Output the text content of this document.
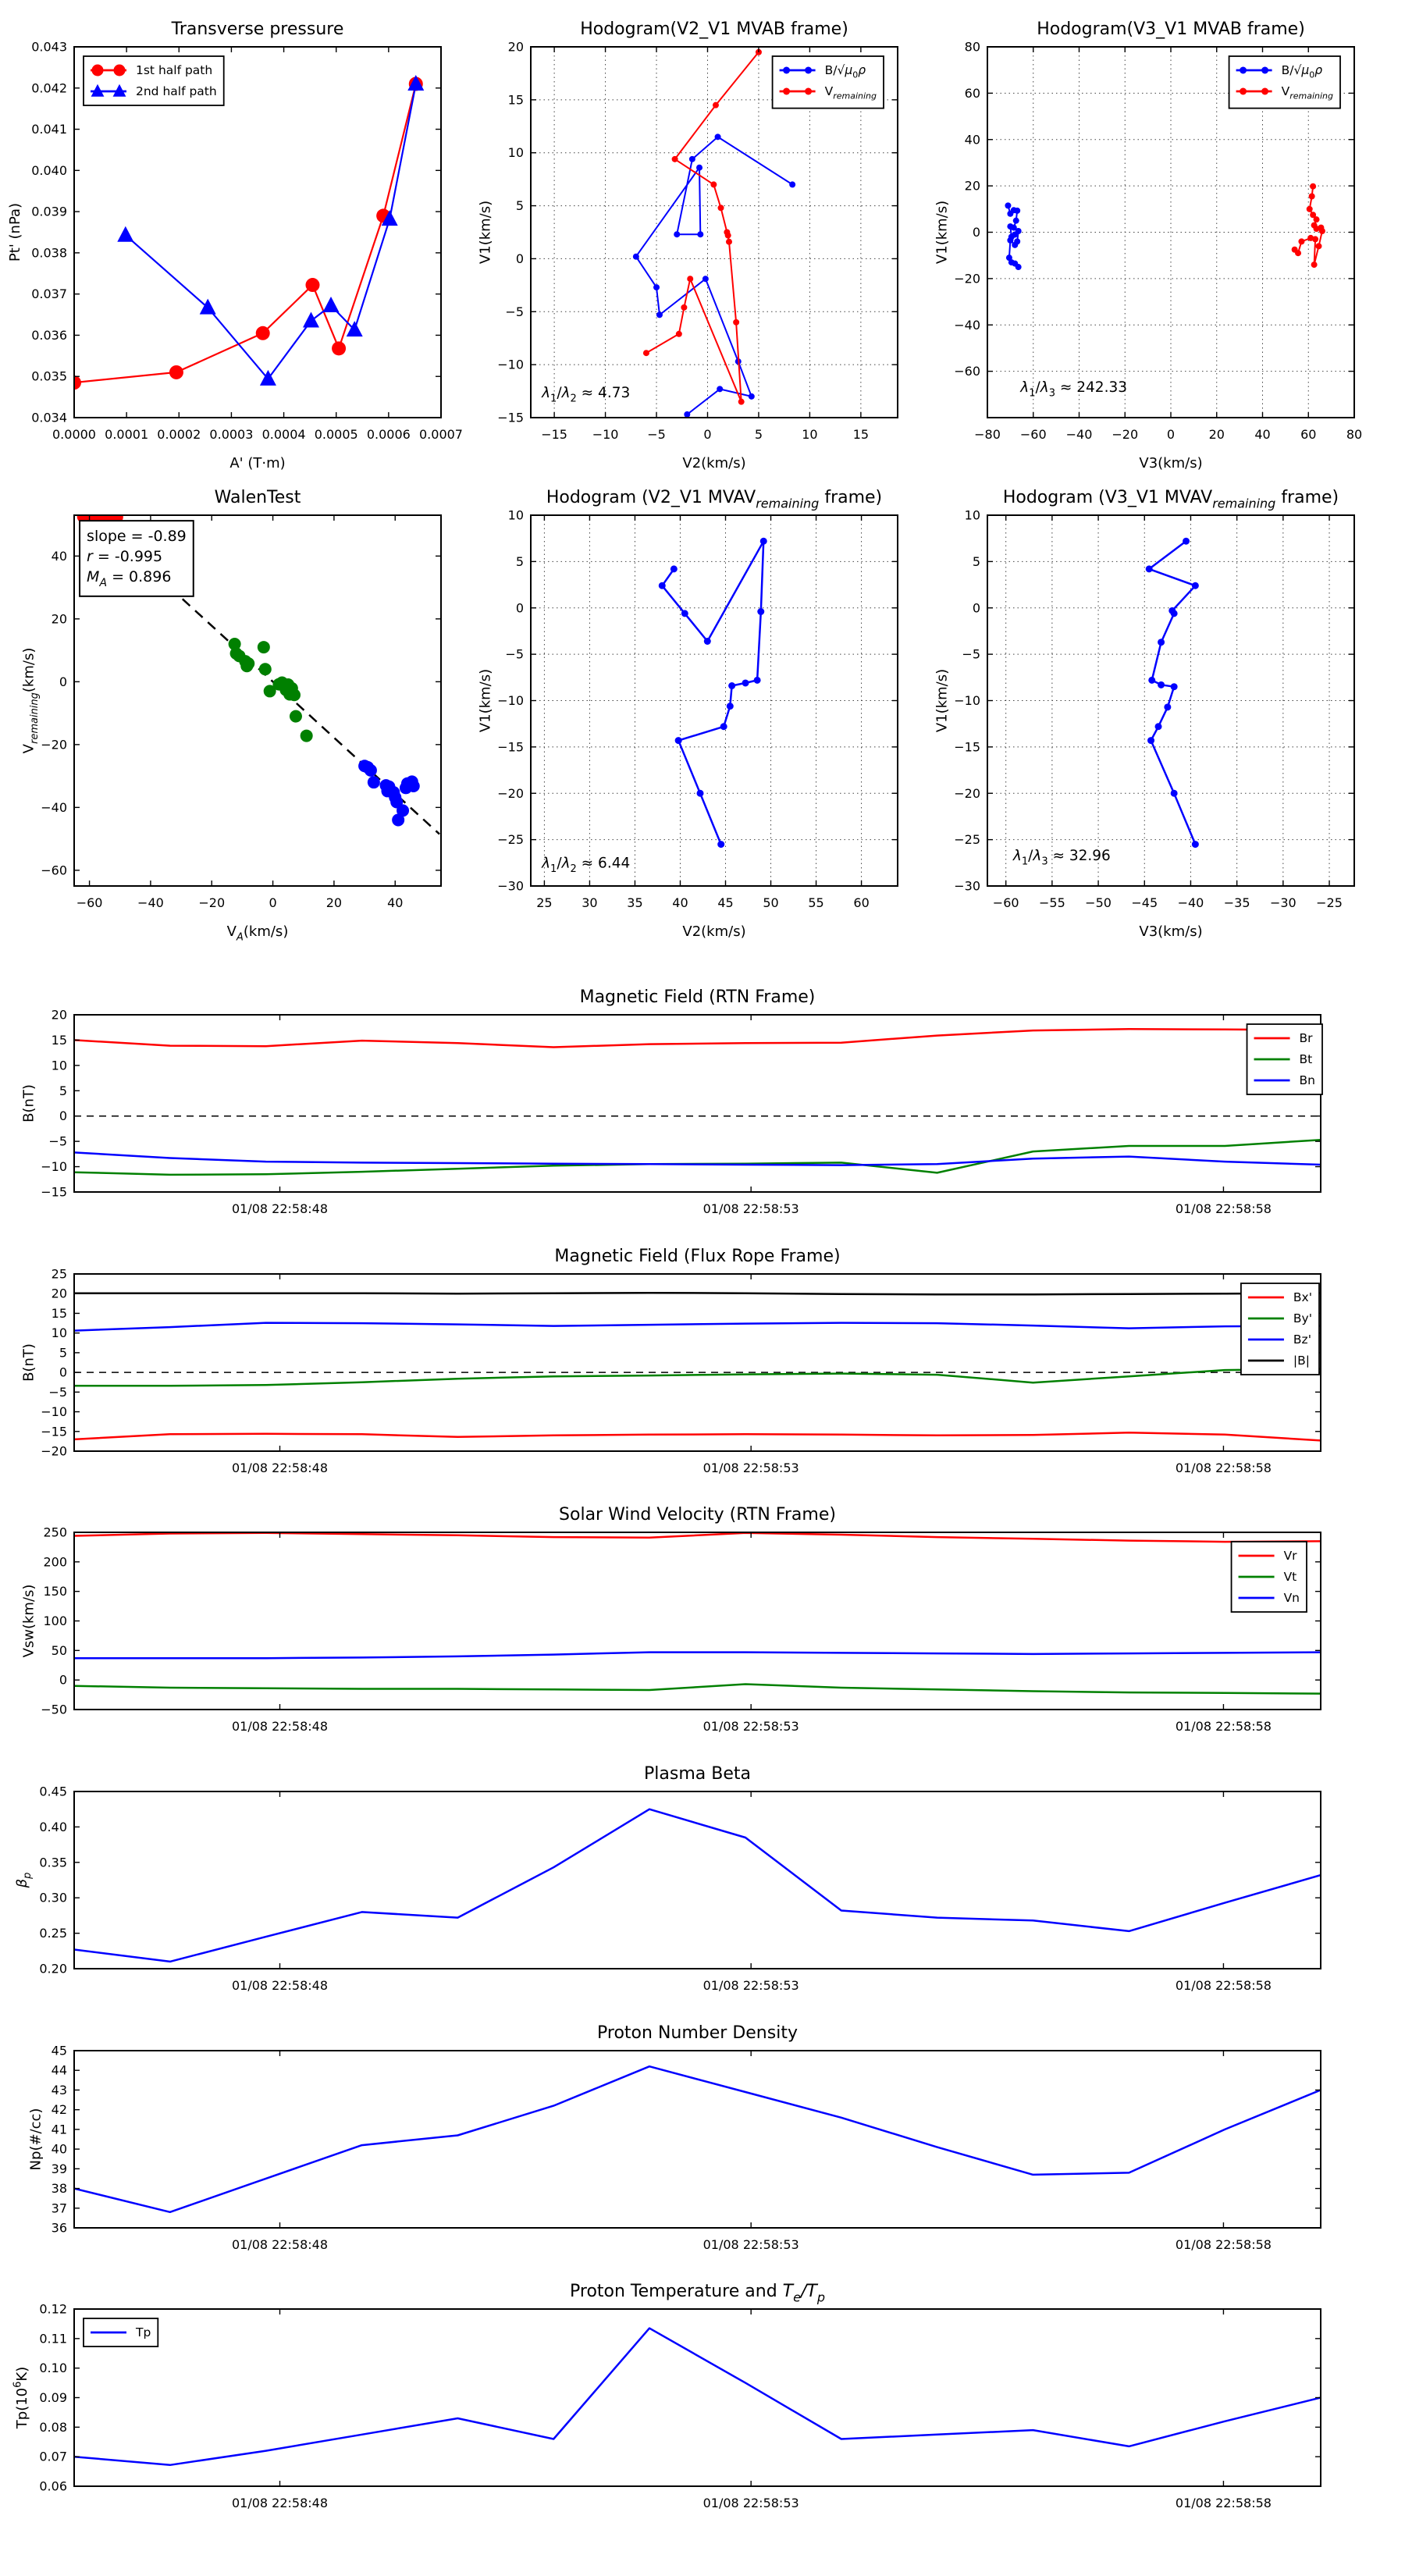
0.0000 0.0001 0.0002 0.0003 0.0004 0.0005 0.0006 0.0007
0.034
0.035
0.036
0.037
0.038
0.039
0.040
0.041
0.042
0.043
Transverse pressure
A' (T·m)
Pt' (nPa)
1st half path
2nd half path
−15 −10 −5	0	5	10	15
−15
−10
−5
0
5
10
15
20
Hodogram(V2_V1 MVAB frame)
V2(km/s)
V1(km/s)
$\lambda_1/\lambda_2 \approx 4.73$
$B/√\mu_0\rho$
$V_{remaining}$
−80 −60 −40 −20 0	20 40 60 80
−60
−40
−20
0
20
40
60
80
Hodogram(V3_V1 MVAB frame)
V3(km/s)
V1(km/s)
$\lambda_1/\lambda_3 \approx 242.33$
$B/√\mu_0\rho$
$V_{remaining}$
−60	−40	−20	0	20	40
−60
−40
−20
0
20
40
WalenTest
$V_A(km/s)$
$V_{remaining}(km/s)$
slope = -0.89
r = -0.995
$M_A = 0.896$
25 30 35 40 45 50 55 60
−30
−25
−20
−15
−10
−5
0
5
10
Hodogram (V2_V1 $MVAV_{remaining}$ frame)
V2(km/s)
V1(km/s)
$\lambda_1/\lambda_2 \approx 6.44$
−60 −55 −50 −45 −40 −35 −30 −25
−30
−25
−20
−15
−10
−5
0
5
10
Hodogram (V3_V1 $MVAV_{remaining}$ frame)
V3(km/s)
V1(km/s)
$\lambda_1/\lambda_3 \approx 32.96$
01/08 22:58:48	01/08 22:58:53	01/08 22:58:58
−15
−10
−5
0
5
10
15
20
Magnetic Field (RTN Frame)
B(nT)
Br
Bt
Bn
01/08 22:58:48	01/08 22:58:53	01/08 22:58:58
−20
−15
−10
−5
0
5
10
15
20
25
Magnetic Field (Flux Rope Frame)
B(nT)
Bx'
By'
Bz'
|B|
01/08 22:58:48	01/08 22:58:53	01/08 22:58:58
−50
0
50
100
150
200
250
Solar Wind Velocity (RTN Frame)
Vsw(km/s)
Vr
Vt
Vn
01/08 22:58:48	01/08 22:58:53	01/08 22:58:58
0.20
0.25
0.30
0.35
0.40
0.45
Plasma Beta
$\beta_p$
01/08 22:58:48	01/08 22:58:53	01/08 22:58:58
36
37
38
39
40
41
42
43
44
45
Proton Number Density
Np(#/cc)
01/08 22:58:48	01/08 22:58:53	01/08 22:58:58
0.06
0.07
0.08
0.09
0.10
0.11
0.12
Proton Temperature and $T_e/T_p$
$Tp(10^6K)$
Tp
